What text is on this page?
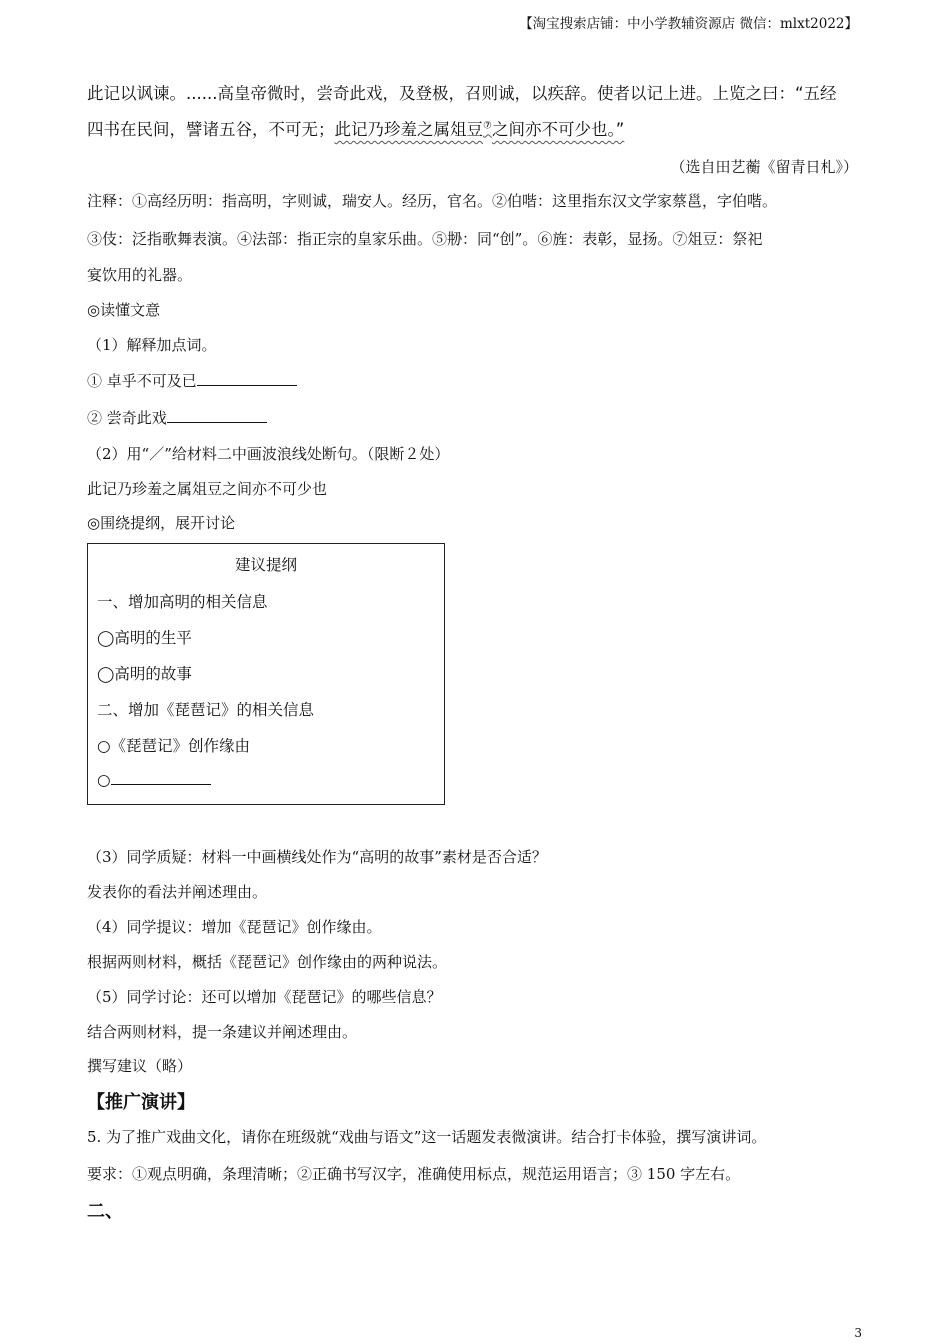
【淘宝搜索店铺：中小学教辅资源店 微信：mlxt2022】
此记以讽谏。......高皇帝微时，尝奇此戏，及登极，召则诚，以疾辞。使者以记上进。上览之曰：“五经
四书在民间，譬诸五谷，不可无；此记乃珍羞之属俎豆⑦之间亦不可少也。”
（选自田艺蘅《留青日札》）
注释：①高经历明：指高明，字则诚，瑞安人。经历，官名。②伯喈：这里指东汉文学家蔡邕，字伯喈。
③伎：泛指歌舞表演。④法部：指正宗的皇家乐曲。⑤刱：同“创”。⑥旌：表彰，显扬。⑦俎豆：祭祀
宴饮用的礼器。
◎读懂文意
（1）解释加点词。
① 卓乎不可及已
② 尝奇此戏
（2）用“／”给材料二中画波浪线处断句。（限断２处）
此记乃珍羞之属俎豆之间亦不可少也
◎围绕提纲，展开讨论
建议提纲
一、增加高明的相关信息
◯高明的生平
◯高明的故事
二、增加《琵琶记》的相关信息
○《琵琶记》创作缘由
○
（3）同学质疑：材料一中画横线处作为“高明的故事”素材是否合适？
发表你的看法并阐述理由。
（4）同学提议：增加《琵琶记》创作缘由。
根据两则材料，概括《琵琶记》创作缘由的两种说法。
（5）同学讨论：还可以增加《琵琶记》的哪些信息？
结合两则材料，提一条建议并阐述理由。
撰写建议（略）
【推广演讲】
5. 为了推广戏曲文化，请你在班级就“戏曲与语文”这一话题发表微演讲。结合打卡体验，撰写演讲词。
要求：①观点明确，条理清晰；②正确书写汉字，准确使用标点，规范运用语言；③ 150 字左右。
二、
3
